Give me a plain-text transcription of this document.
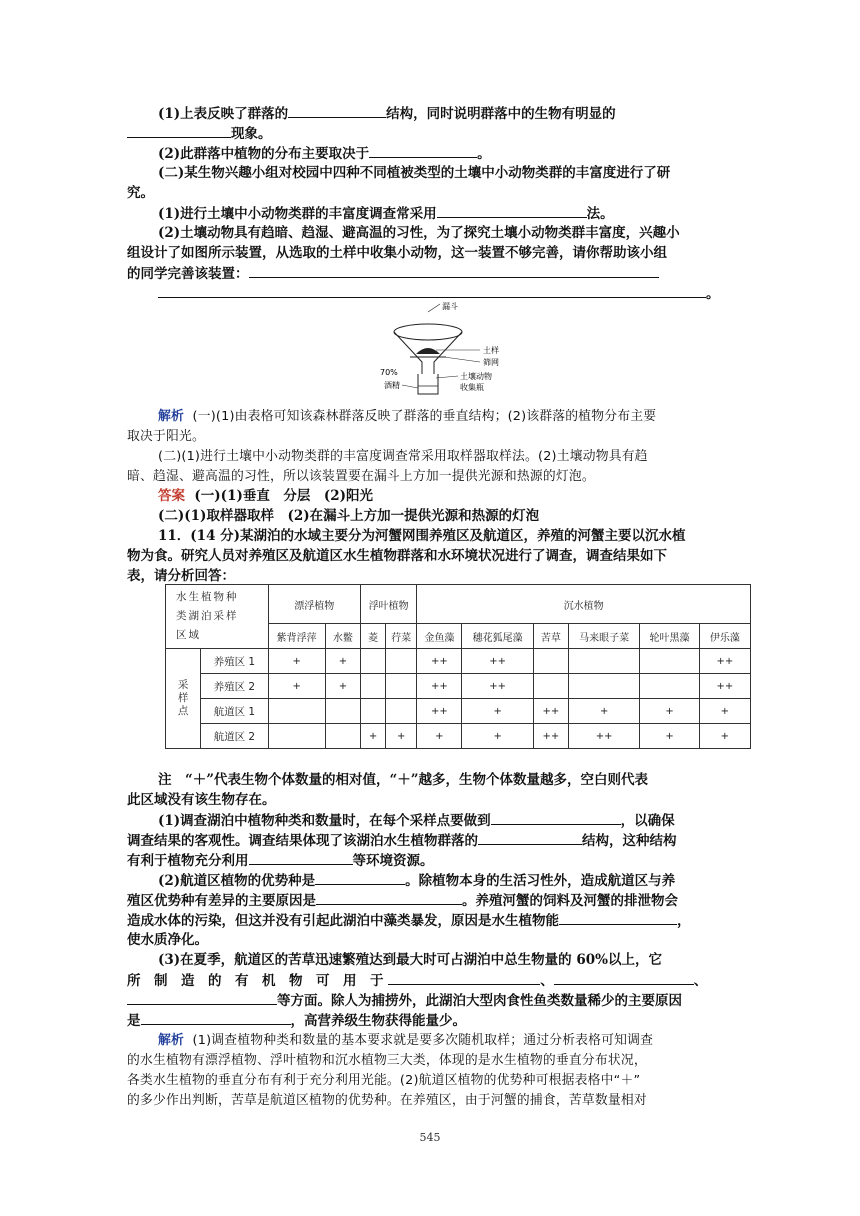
(1)上表反映了群落的	结构，同时说明群落中的生物有明显的
现象。
(2)此群落中植物的分布主要取决于	。
(二)某生物兴趣小组对校园中四种不同植被类型的土壤中小动物类群的丰富度进行了研
究。
(1)进行土壤中小动物类群的丰富度调查常采用	法。
(2)土壤动物具有趋暗、趋湿、避高温的习性，为了探究土壤小动物类群丰富度，兴趣小
组设计了如图所示装置，从选取的土样中收集小动物，这一装置不够完善，请你帮助该小组
的同学完善该装置：
。
漏斗
土样
筛网
土壤动物
收集瓶
70%
酒精
解析 (一)(1)由表格可知该森林群落反映了群落的垂直结构；(2)该群落的植物分布主要
取决于阳光。
(二)(1)进行土壤中小动物类群的丰富度调查常采用取样器取样法。(2)土壤动物具有趋
暗、趋湿、避高温的习性，所以该装置要在漏斗上方加一提供光源和热源的灯泡。
答案 (一)(1)垂直　分层　(2)阳光
(二)(1)取样器取样　(2)在漏斗上方加一提供光源和热源的灯泡
11．(14 分)某湖泊的水域主要分为河蟹网围养殖区及航道区，养殖的河蟹主要以沉水植
物为食。研究人员对养殖区及航道区水生植物群落和水环境状况进行了调查，调查结果如下
表，请分析回答：
水生植物种
类湖泊采样
区域		漂浮植物		浮叶植物		沉水植物					
		紫背浮萍	水鳖	菱	荇菜	金鱼藻	穗花狐尾藻	苦草	马来眼子菜	轮叶黑藻	伊乐藻
采
样
点	养殖区 1	+	+			++	++				++
	养殖区 2	+	+			++	++				++
	航道区 1					++	+	++	+	+	+
	航道区 2			+	+	+	+	++	++	+	+
注　“＋”代表生物个体数量的相对值，“＋”越多，生物个体数量越多，空白则代表
此区域没有该生物存在。
(1)调查湖泊中植物种类和数量时，在每个采样点要做到	，以确保
调查结果的客观性。调查结果体现了该湖泊水生植物群落的	结构，这种结构
有利于植物充分利用	等环境资源。
(2)航道区植物的优势种是	。除植物本身的生活习性外，造成航道区与养
殖区优势种有差异的主要原因是	。养殖河蟹的饲料及河蟹的排泄物会
造成水体的污染，但这并没有引起此湖泊中藻类暴发，原因是水生植物能	，
使水质净化。
(3)在夏季，航道区的苦草迅速繁殖达到最大时可占湖泊中总生物量的 60%以上，它
所　制　造　的　有　机　物　可　用　于	、	、
等方面。除人为捕捞外，此湖泊大型肉食性鱼类数量稀少的主要原因
是	，高营养级生物获得能量少。
解析 (1)调查植物种类和数量的基本要求就是要多次随机取样；通过分析表格可知调查
的水生植物有漂浮植物、浮叶植物和沉水植物三大类，体现的是水生植物的垂直分布状况，
各类水生植物的垂直分布有利于充分利用光能。(2)航道区植物的优势种可根据表格中“＋”
的多少作出判断，苦草是航道区植物的优势种。在养殖区，由于河蟹的捕食，苦草数量相对
545
